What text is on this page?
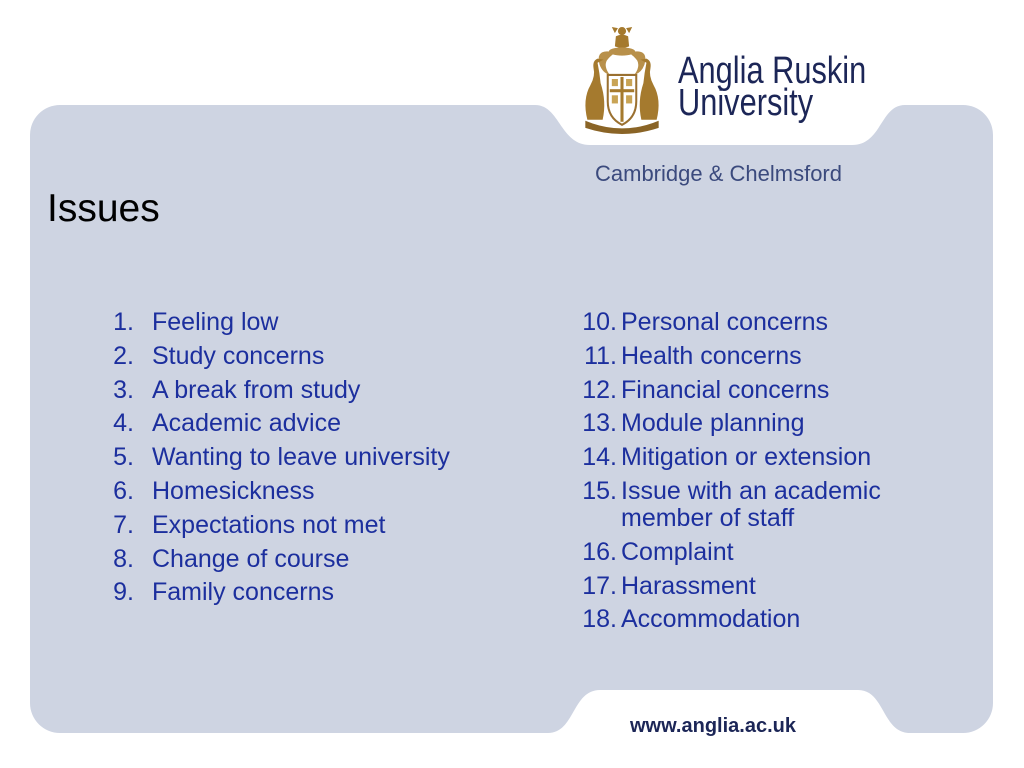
Anglia Ruskin
University
Cambridge & Chelmsford
Issues
1. Feeling low
2. Study concerns
3. A break from study
4. Academic advice
5. Wanting to leave university
6. Homesickness
7. Expectations not met
8. Change of course
9. Family concerns
10. Personal concerns
11. Health concerns
12. Financial concerns
13. Module planning
14. Mitigation or extension
15. Issue with an academic member of staff
16. Complaint
17. Harassment
18. Accommodation
www.anglia.ac.uk
